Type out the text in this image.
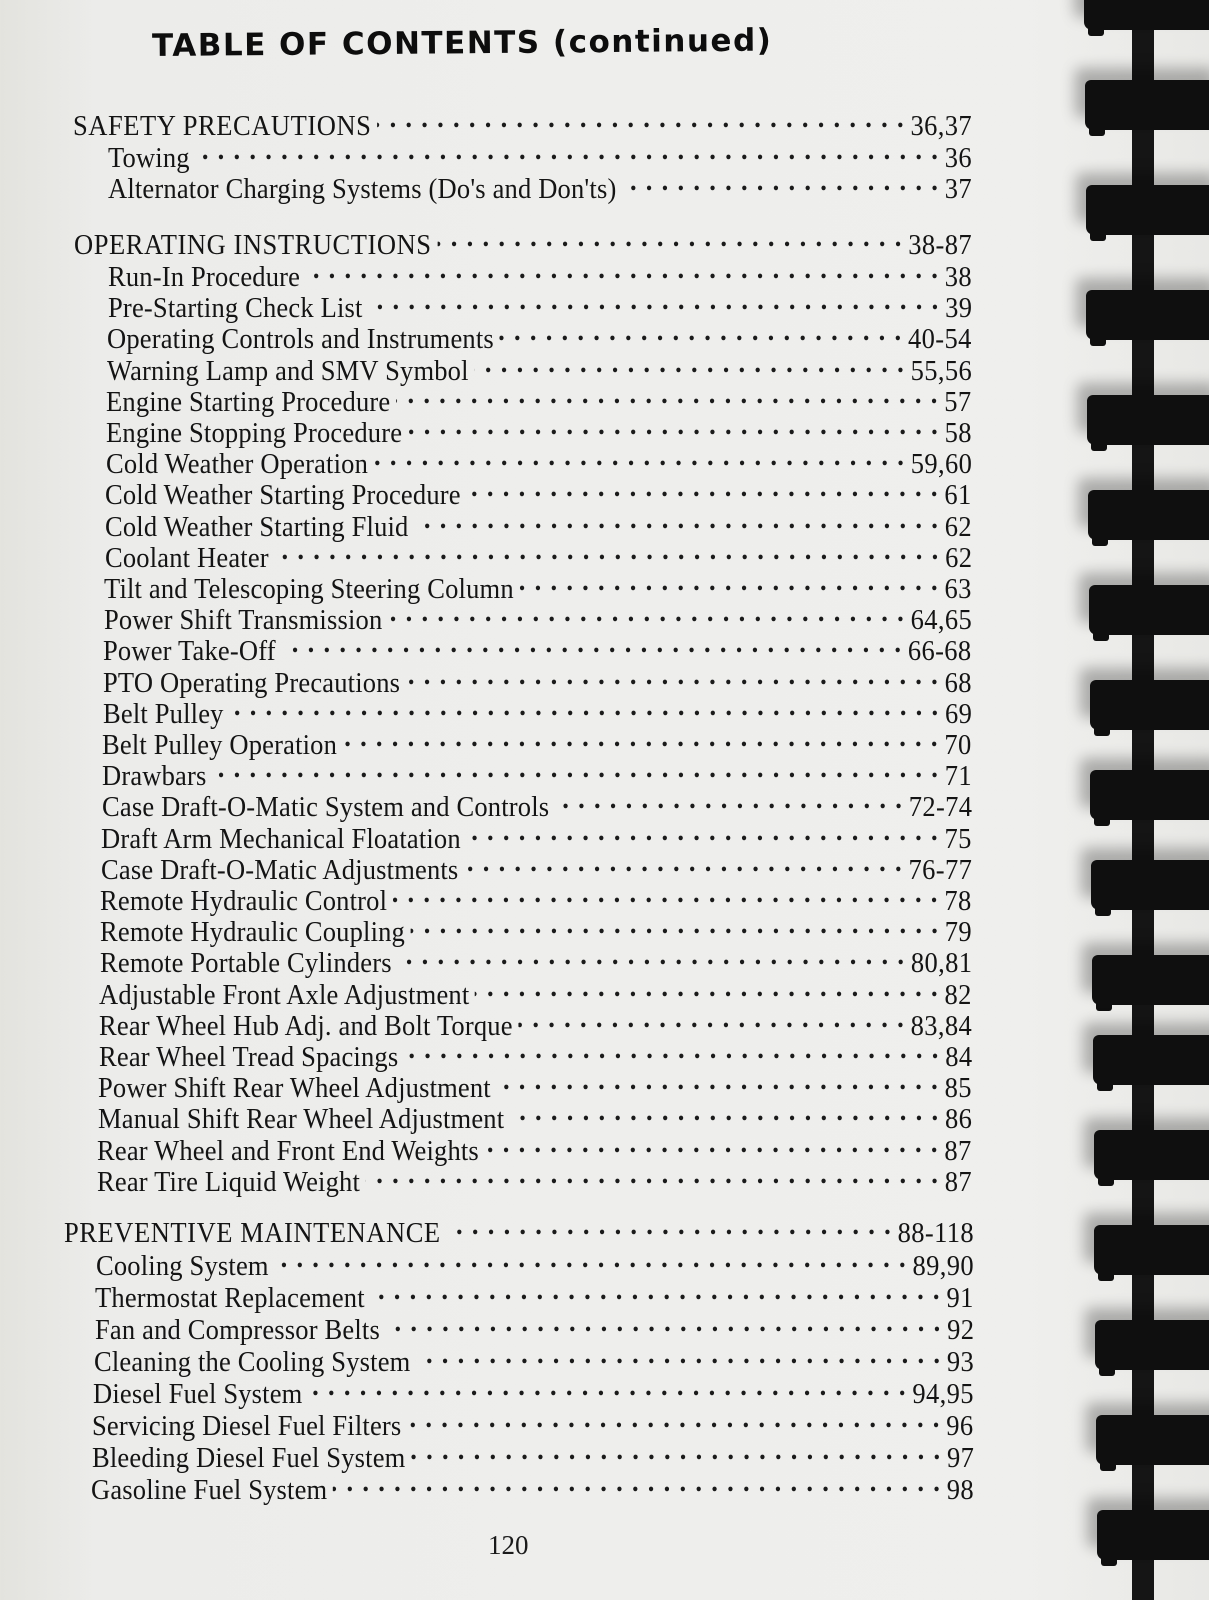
TABLE OF CONTENTS (continued)
SAFETY PRECAUTIONS . . .	36,37
Towing . . .	36
Alternator Charging Systems (Do's and Don'ts) . . .	37
OPERATING INSTRUCTIONS . . .	38-87
Run-In Procedure . . .	38
Pre-Starting Check List . . .	39
Operating Controls and Instruments . . .	40-54
Warning Lamp and SMV Symbol . . .	55,56
Engine Starting Procedure . . .	57
Engine Stopping Procedure . . .	58
Cold Weather Operation . . .	59,60
Cold Weather Starting Procedure . . .	61
Cold Weather Starting Fluid . . .	62
Coolant Heater . . .	62
Tilt and Telescoping Steering Column . . .	63
Power Shift Transmission . . .	64,65
Power Take-Off . . .	66-68
PTO Operating Precautions . . .	68
Belt Pulley . . .	69
Belt Pulley Operation . . .	70
Drawbars . . .	71
Case Draft-O-Matic System and Controls . . .	72-74
Draft Arm Mechanical Floatation . . .	75
Case Draft-O-Matic Adjustments . . .	76-77
Remote Hydraulic Control . . .	78
Remote Hydraulic Coupling . . .	79
Remote Portable Cylinders . . .	80,81
Adjustable Front Axle Adjustment . . .	82
Rear Wheel Hub Adj. and Bolt Torque . . .	83,84
Rear Wheel Tread Spacings . . .	84
Power Shift Rear Wheel Adjustment . . .	85
Manual Shift Rear Wheel Adjustment . . .	86
Rear Wheel and Front End Weights . . .	87
Rear Tire Liquid Weight . . .	87
PREVENTIVE MAINTENANCE . . .	88-118
Cooling System . . .	89,90
Thermostat Replacement . . .	91
Fan and Compressor Belts . . .	92
Cleaning the Cooling System . . .	93
Diesel Fuel System . . .	94,95
Servicing Diesel Fuel Filters . . .	96
Bleeding Diesel Fuel System . . .	97
Gasoline Fuel System . . .	98
120
